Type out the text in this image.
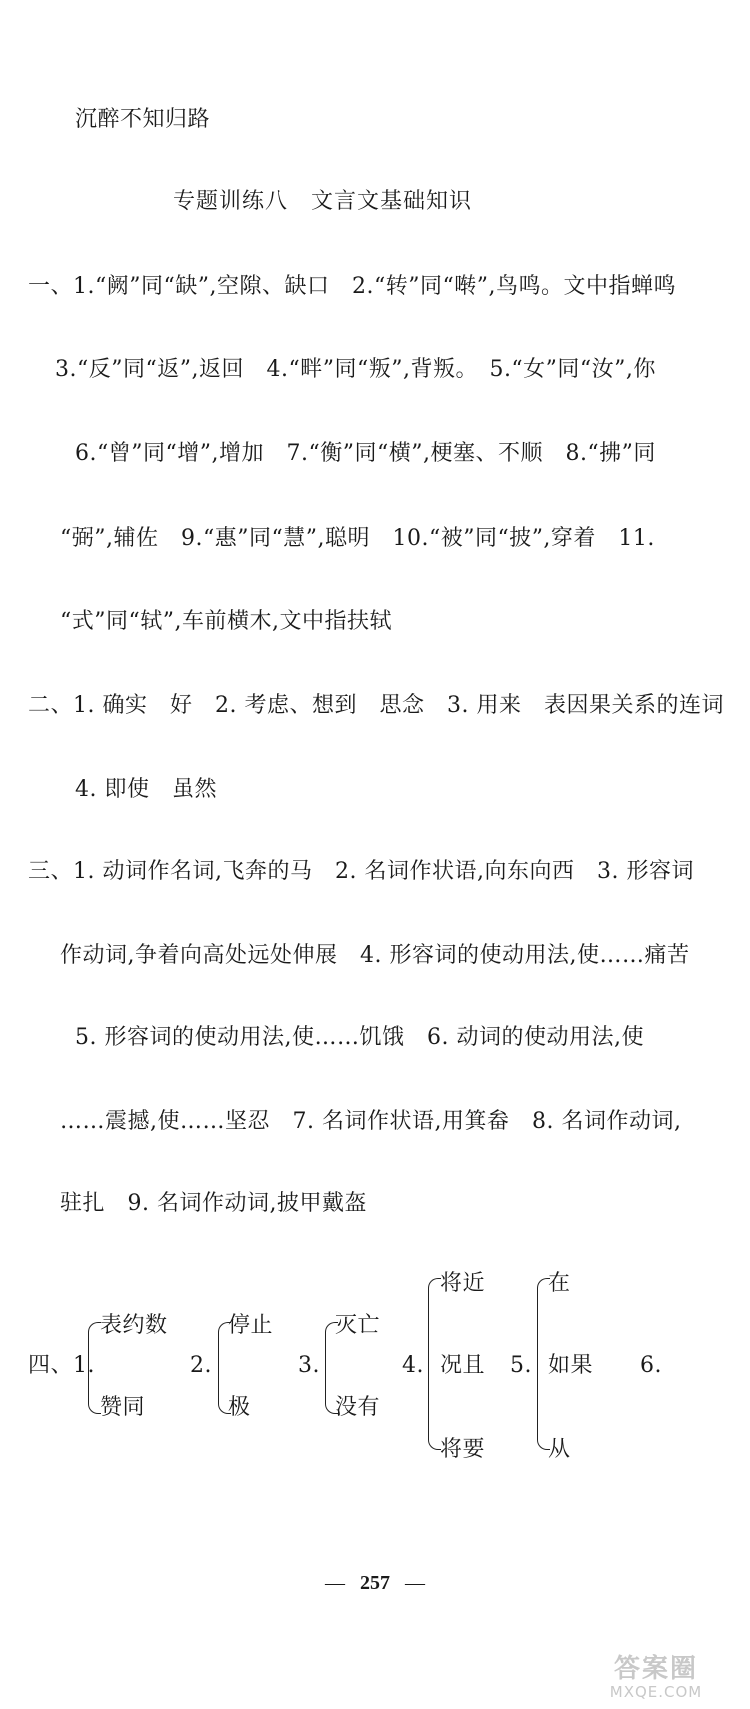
沉醉不知归路
专题训练八　文言文基础知识
一、1.“阙”同“缺”,空隙、缺口　2.“转”同“啭”,鸟鸣。文中指蝉鸣
3.“反”同“返”,返回　4.“畔”同“叛”,背叛。　5.“女”同“汝”,你
6.“曾”同“增”,增加　7.“衡”同“横”,梗塞、不顺　8.“拂”同
“弼”,辅佐　9.“惠”同“慧”,聪明　10.“被”同“披”,穿着　11.
“式”同“轼”,车前横木,文中指扶轼
二、1. 确实　好　2. 考虑、想到　思念　3. 用来　表因果关系的连词
4. 即使　虽然
三、1. 动词作名词,飞奔的马　2. 名词作状语,向东向西　3. 形容词
作动词,争着向高处远处伸展　4. 形容词的使动用法,使……痛苦
5. 形容词的使动用法,使……饥饿　6. 动词的使动用法,使
……震撼,使……坚忍　7. 名词作状语,用箕畚　8. 名词作动词,
驻扎　9. 名词作动词,披甲戴盔
四、1.
表约数
赞同
2.
停止
极
3.
灭亡
没有
4.
将近
况且
将要
5.
在
如果
从
6.
— 257 —
答案圈
MXQE.COM
